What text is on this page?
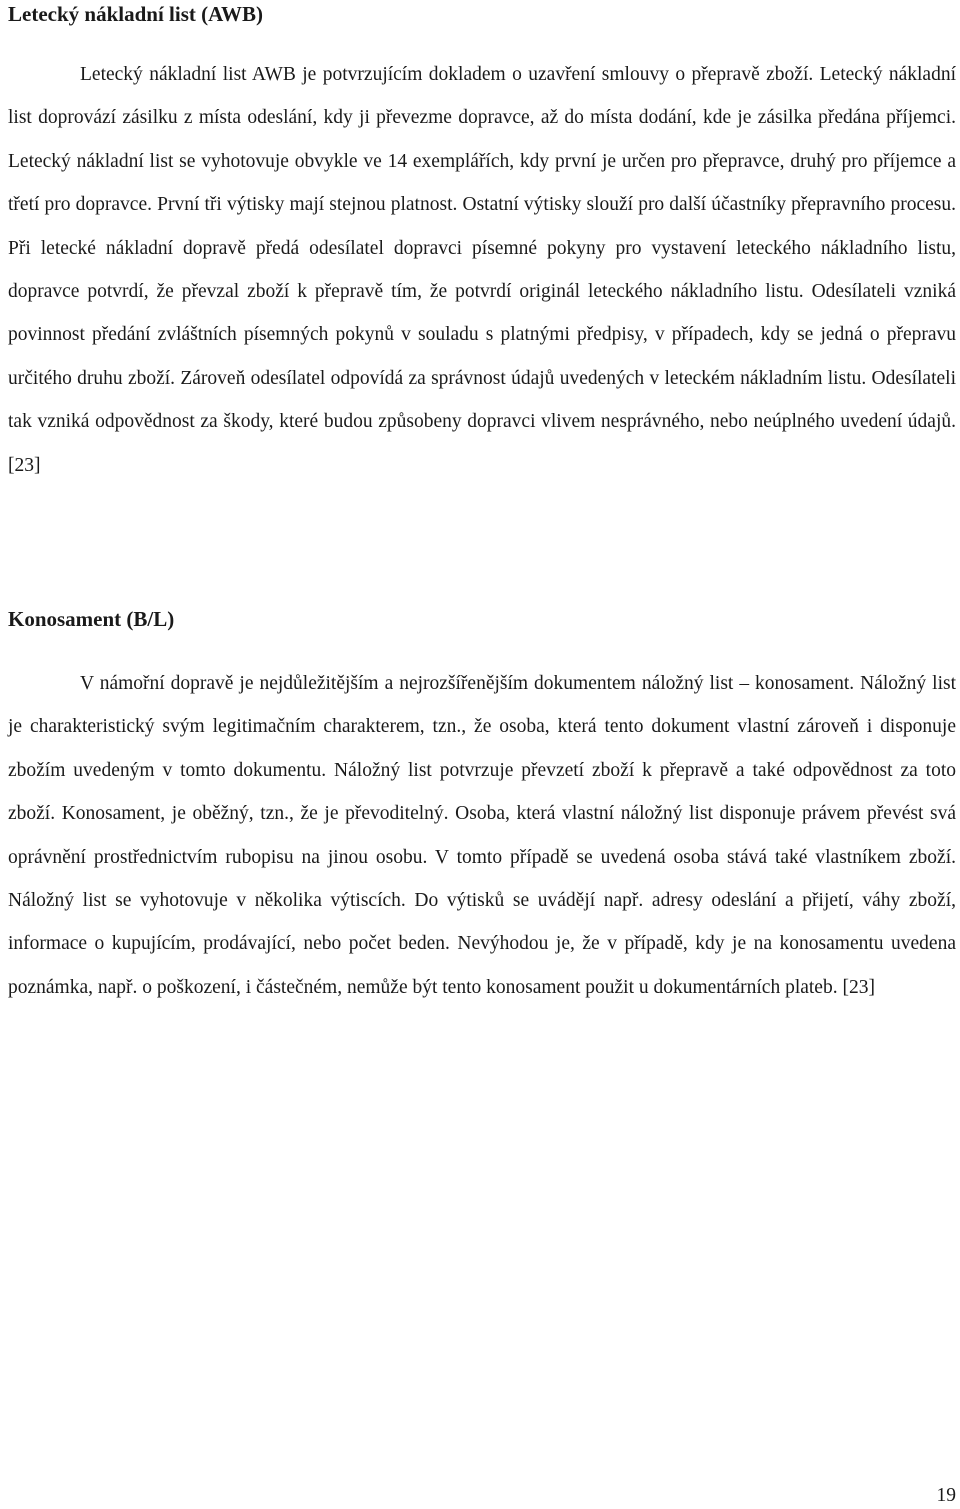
Letecký nákladní list (AWB)

Letecký nákladní list AWB je potvrzujícím dokladem o uzavření smlouvy o přepravě zboží. Letecký nákladní list doprovází zásilku z místa odeslání, kdy ji převezme dopravce, až do místa dodání, kde je zásilka předána příjemci. Letecký nákladní list se vyhotovuje obvykle ve 14 exemplářích, kdy první je určen pro přepravce, druhý pro příjemce a třetí pro dopravce. První tři výtisky mají stejnou platnost. Ostatní výtisky slouží pro další účastníky přepravního procesu. Při letecké nákladní dopravě předá odesílatel dopravci písemné pokyny pro vystavení leteckého nákladního listu, dopravce potvrdí, že převzal zboží k přepravě tím, že potvrdí originál leteckého nákladního listu. Odesílateli vzniká povinnost předání zvláštních písemných pokynů v souladu s platnými předpisy, v případech, kdy se jedná o přepravu určitého druhu zboží. Zároveň odesílatel odpovídá za správnost údajů uvedených v leteckém nákladním listu. Odesílateli tak vzniká odpovědnost za škody, které budou způsobeny dopravci vlivem nesprávného, nebo neúplného uvedení údajů. [23]

Konosament (B/L)

V námořní dopravě je nejdůležitějším a nejrozšířenějším dokumentem náložný list – konosament. Náložný list je charakteristický svým legitimačním charakterem, tzn., že osoba, která tento dokument vlastní zároveň i disponuje zbožím uvedeným v tomto dokumentu. Náložný list potvrzuje převzetí zboží k přepravě a také odpovědnost za toto zboží. Konosament, je oběžný, tzn., že je převoditelný. Osoba, která vlastní náložný list disponuje právem převést svá oprávnění prostřednictvím rubopisu na jinou osobu. V tomto případě se uvedená osoba stává také vlastníkem zboží. Náložný list se vyhotovuje v několika výtiscích. Do výtisků se uvádějí např. adresy odeslání a přijetí, váhy zboží, informace o kupujícím, prodávající, nebo počet beden. Nevýhodou je, že v případě, kdy je na konosamentu uvedena poznámka, např. o poškození, i částečném, nemůže být tento konosament použit u dokumentárních plateb. [23]

19
